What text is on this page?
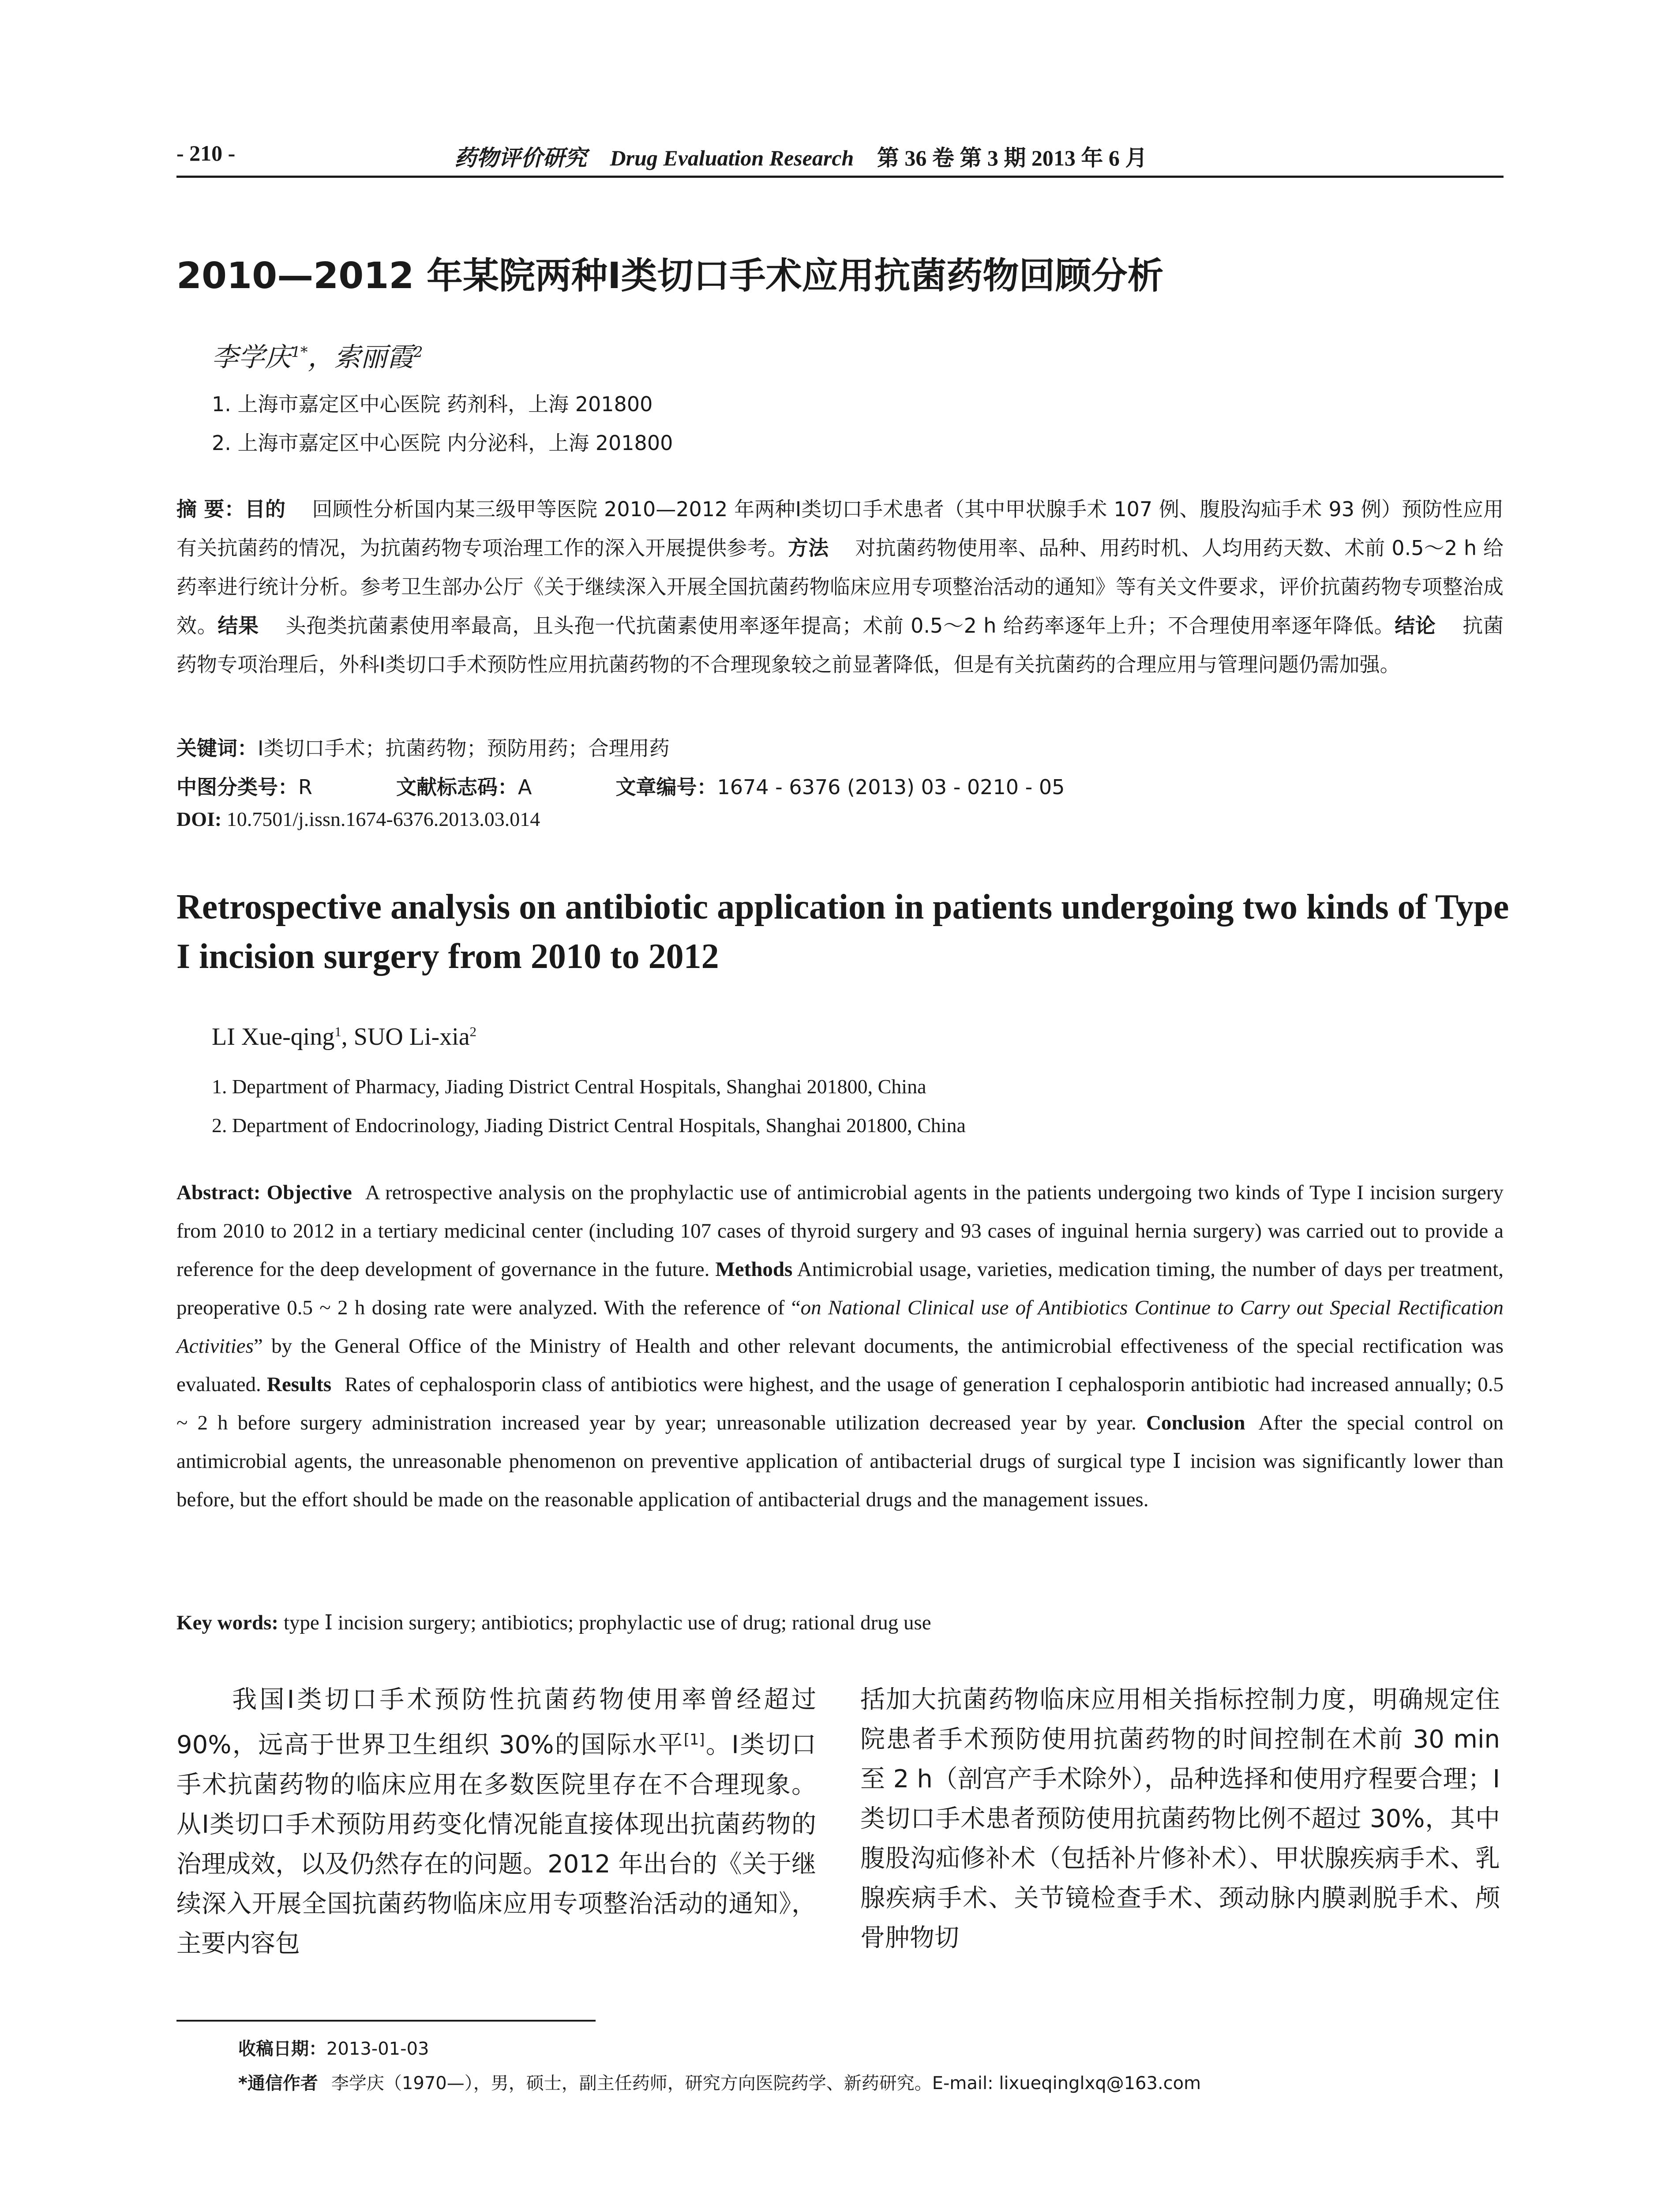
- 210 -	药物评价研究 Drug Evaluation Research 第 36 卷 第 3 期 2013 年 6 月
2010—2012 年某院两种Ⅰ类切口手术应用抗菌药物回顾分析
李学庆$^{1*}$，索丽霞$^2$
1. 上海市嘉定区中心医院 药剂科，上海 201800
2. 上海市嘉定区中心医院 内分泌科，上海 201800
摘 要：目的 回顾性分析国内某三级甲等医院 2010—2012 年两种Ⅰ类切口手术患者（其中甲状腺手术 107 例、腹股沟疝手术 93 例）预防性应用有关抗菌药的情况，为抗菌药物专项治理工作的深入开展提供参考。方法 对抗菌药物使用率、品种、用药时机、人均用药天数、术前 0.5～2 h 给药率进行统计分析。参考卫生部办公厅《关于继续深入开展全国抗菌药物临床应用专项整治活动的通知》等有关文件要求，评价抗菌药物专项整治成效。结果 头孢类抗菌素使用率最高，且头孢一代抗菌素使用率逐年提高；术前 0.5～2 h 给药率逐年上升；不合理使用率逐年降低。结论 抗菌药物专项治理后，外科Ⅰ类切口手术预防性应用抗菌药物的不合理现象较之前显著降低，但是有关抗菌药的合理应用与管理问题仍需加强。
关键词：Ⅰ类切口手术；抗菌药物；预防用药；合理用药
中图分类号：R	文献标志码：A	文章编号：1674 - 6376 (2013) 03 - 0210 - 05
DOI: 10.7501/j.issn.1674-6376.2013.03.014
Retrospective analysis on antibiotic application in patients undergoing two kinds of Type I incision surgery from 2010 to 2012
LI Xue-qing$^1$, SUO Li-xia$^2$
1. Department of Pharmacy, Jiading District Central Hospitals, Shanghai 201800, China
2. Department of Endocrinology, Jiading District Central Hospitals, Shanghai 201800, China
Abstract: Objective A retrospective analysis on the prophylactic use of antimicrobial agents in the patients undergoing two kinds of Type I incision surgery from 2010 to 2012 in a tertiary medicinal center (including 107 cases of thyroid surgery and 93 cases of inguinal hernia surgery) was carried out to provide a reference for the deep development of governance in the future. Methods Antimicrobial usage, varieties, medication timing, the number of days per treatment, preoperative 0.5 ~ 2 h dosing rate were analyzed. With the reference of “on National Clinical use of Antibiotics Continue to Carry out Special Rectification Activities” by the General Office of the Ministry of Health and other relevant documents, the antimicrobial effectiveness of the special rectification was evaluated. Results Rates of cephalosporin class of antibiotics were highest, and the usage of generation I cephalosporin antibiotic had increased annually; 0.5 ~ 2 h before surgery administration increased year by year; unreasonable utilization decreased year by year. Conclusion After the special control on antimicrobial agents, the unreasonable phenomenon on preventive application of antibacterial drugs of surgical type Ⅰ incision was significantly lower than before, but the effort should be made on the reasonable application of antibacterial drugs and the management issues.
Key words: type Ⅰ incision surgery; antibiotics; prophylactic use of drug; rational drug use
我国Ⅰ类切口手术预防性抗菌药物使用率曾经超过 90%，远高于世界卫生组织 30%的国际水平[1]。Ⅰ类切口手术抗菌药物的临床应用在多数医院里存在不合理现象。从Ⅰ类切口手术预防用药变化情况能直接体现出抗菌药物的治理成效，以及仍然存在的问题。2012 年出台的《关于继续深入开展全国抗菌药物临床应用专项整治活动的通知》，主要内容包
括加大抗菌药物临床应用相关指标控制力度，明确规定住院患者手术预防使用抗菌药物的时间控制在术前 30 min 至 2 h（剖宫产手术除外），品种选择和使用疗程要合理；Ⅰ类切口手术患者预防使用抗菌药物比例不超过 30%，其中腹股沟疝修补术（包括补片修补术）、甲状腺疾病手术、乳腺疾病手术、关节镜检查手术、颈动脉内膜剥脱手术、颅骨肿物切
收稿日期：2013-01-03
*通信作者 李学庆（1970—），男，硕士，副主任药师，研究方向医院药学、新药研究。E-mail: lixueqinglxq@163.com
